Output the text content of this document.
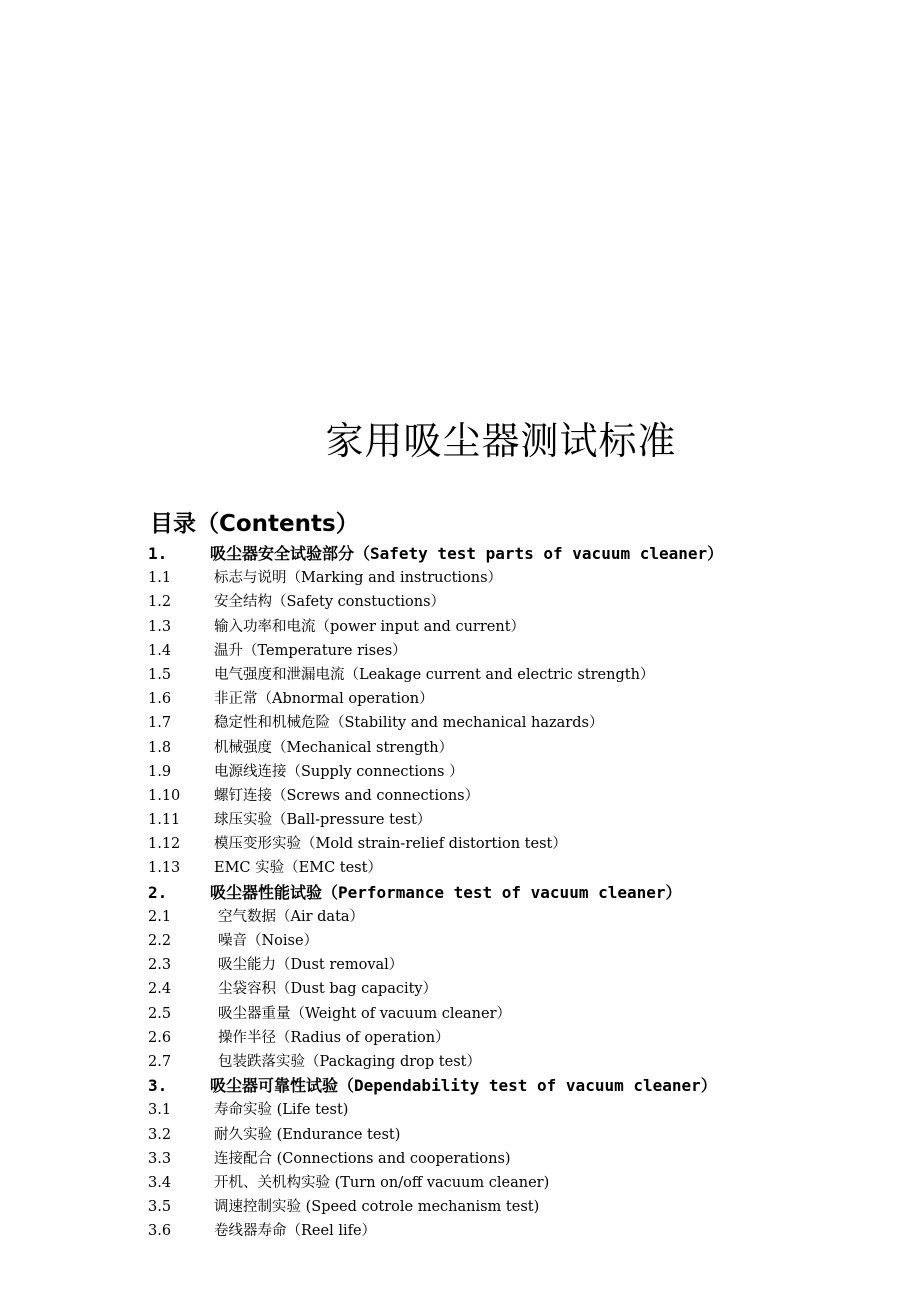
家用吸尘器测试标准
目录（Contents）
1.	吸尘器安全试验部分（Safety test parts of vacuum cleaner）
1.1	标志与说明（Marking and instructions）
1.2	安全结构（Safety constuctions）
1.3	输入功率和电流（power input and current）
1.4	温升（Temperature rises）
1.5	电气强度和泄漏电流（Leakage current and electric strength）
1.6	非正常（Abnormal operation）
1.7	稳定性和机械危险（Stability and mechanical hazards）
1.8	机械强度（Mechanical strength）
1.9	电源线连接（Supply connections ）
1.10	螺钉连接（Screws and connections）
1.11	球压实验（Ball-pressure test）
1.12	模压变形实验（Mold strain-relief distortion test）
1.13	EMC 实验（EMC test）
2.	吸尘器性能试验（Performance test of vacuum cleaner）
2.1	空气数据（Air data）
2.2	噪音（Noise）
2.3	吸尘能力（Dust removal）
2.4	尘袋容积（Dust bag capacity）
2.5	吸尘器重量（Weight of vacuum cleaner）
2.6	操作半径（Radius of operation）
2.7	包装跌落实验（Packaging drop test）
3.	吸尘器可靠性试验（Dependability test of vacuum cleaner）
3.1	寿命实验 (Life test)
3.2	耐久实验 (Endurance test)
3.3	连接配合 (Connections and cooperations)
3.4	开机、关机构实验 (Turn on/off vacuum cleaner)
3.5	调速控制实验 (Speed cotrole mechanism test)
3.6	卷线器寿命（Reel life）
